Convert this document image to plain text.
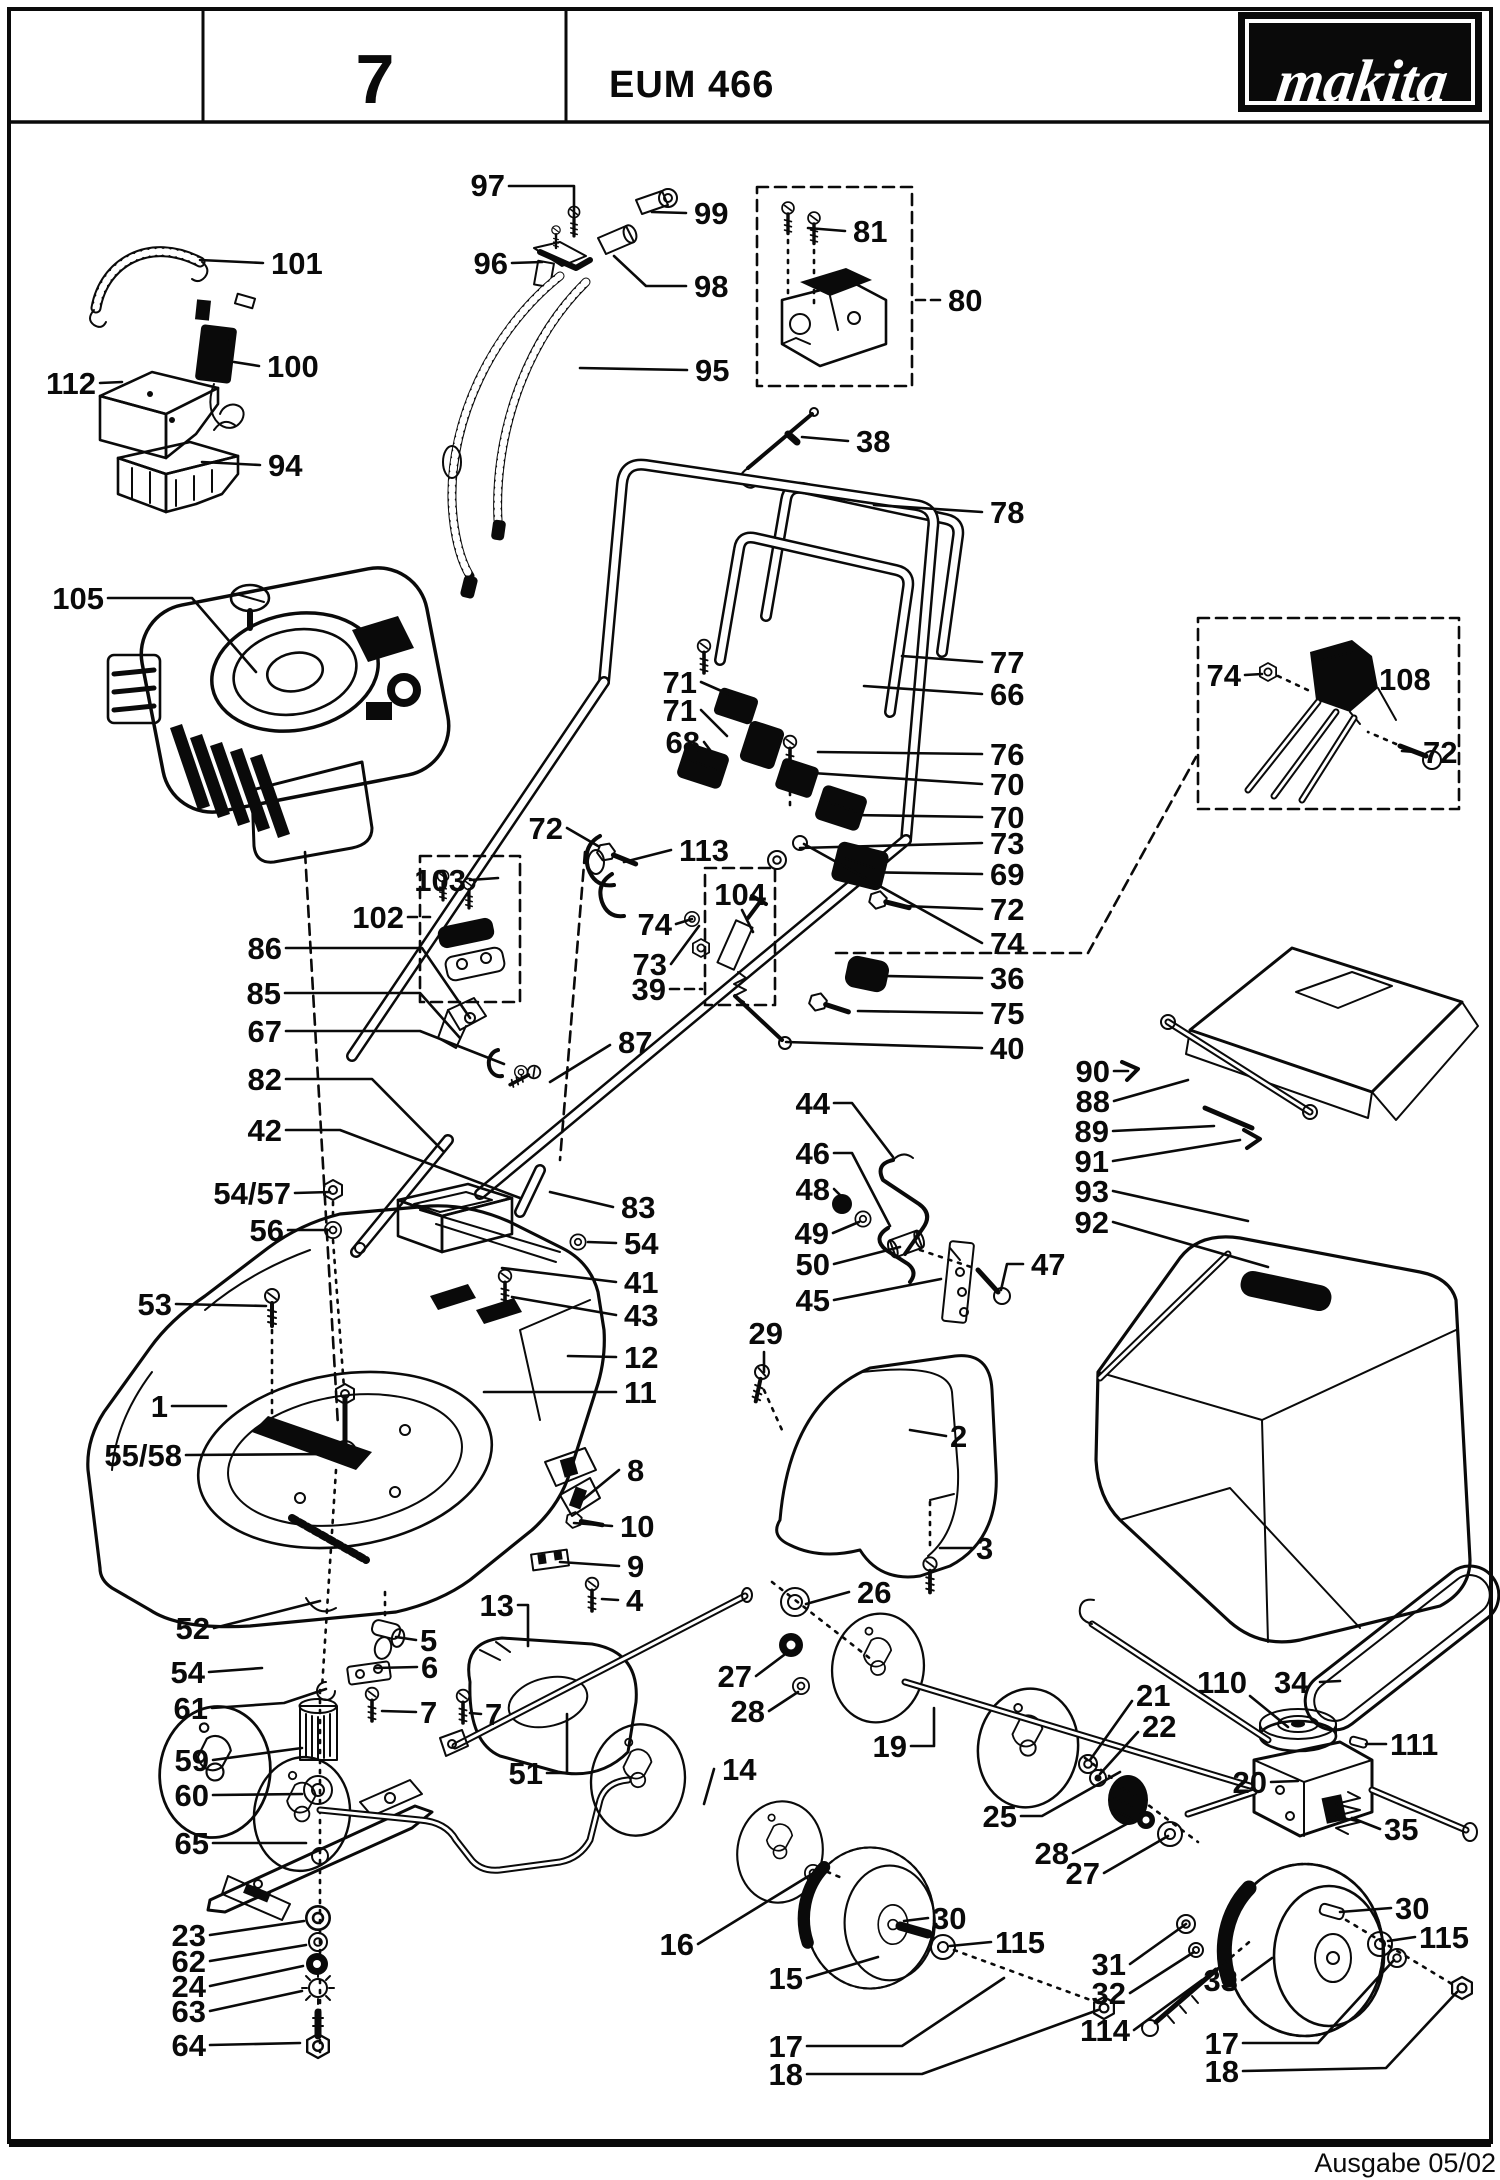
7	EUM 466	makita
Ausgabe 05/02
101
100
112
94
97
99
96
98
95
81
80
38
105
78
77
66
71
71
68	76
70
70
73
69
72
74
36
75
40
72
113
103
102
104
74
73
39
86
85
67	87
82
42
44
46
48
49
50
45
47
90
88
89
91
93
92
74	108
72
54/57
56
83
54
41
43
12
11
53
1
55/58
29
2
8
10
9
4
13
5
6
7 7
52
54
61
59
60
65
23
62
24
63
64
51	14
26
27
28
19
21
22
110 34
111
20
35
25
28
27
30
115
16
15
17
18
3
31
32
114
33
30
115
17
18
